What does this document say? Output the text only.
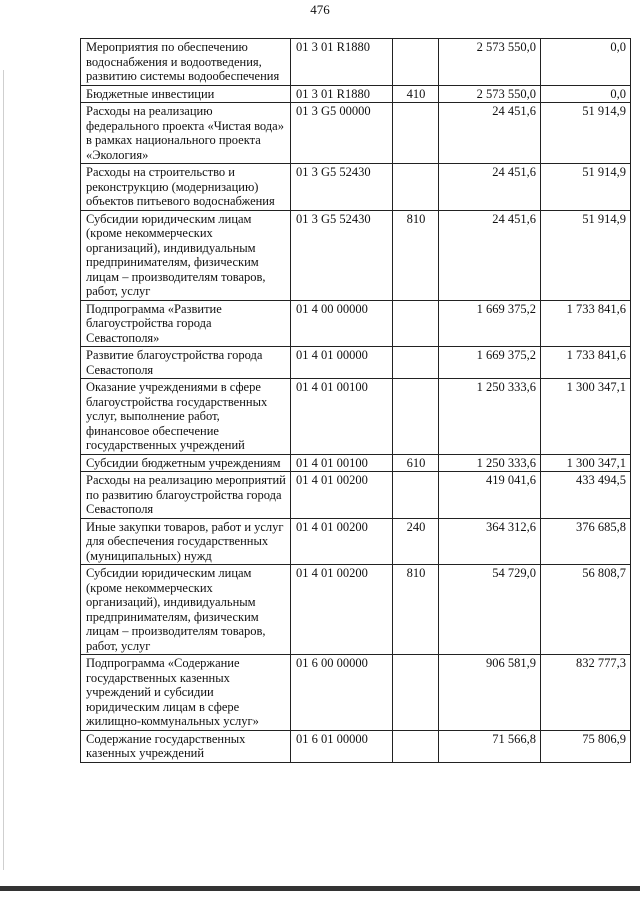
476
Мероприятия по обеспечению водоснабжения и водоотведения, развитию системы водообеспечения	01 3 01 R1880		2 573 550,0	0,0
Бюджетные инвестиции	01 3 01 R1880	410	2 573 550,0	0,0
Расходы на реализацию федерального проекта «Чистая вода» в рамках национального проекта «Экология»	01 3 G5 00000		24 451,6	51 914,9
Расходы на строительство и реконструкцию (модернизацию) объектов питьевого водоснабжения	01 3 G5 52430		24 451,6	51 914,9
Субсидии юридическим лицам (кроме некоммерческих организаций), индивидуальным предпринимателям, физическим лицам – производителям товаров, работ, услуг	01 3 G5 52430	810	24 451,6	51 914,9
Подпрограмма «Развитие благоустройства города Севастополя»	01 4 00 00000		1 669 375,2	1 733 841,6
Развитие благоустройства города Севастополя	01 4 01 00000		1 669 375,2	1 733 841,6
Оказание учреждениями в сфере благоустройства государственных услуг, выполнение работ, финансовое обеспечение государственных учреждений	01 4 01 00100		1 250 333,6	1 300 347,1
Субсидии бюджетным учреждениям	01 4 01 00100	610	1 250 333,6	1 300 347,1
Расходы на реализацию мероприятий по развитию благоустройства города Севастополя	01 4 01 00200		419 041,6	433 494,5
Иные закупки товаров, работ и услуг для обеспечения государственных (муниципальных) нужд	01 4 01 00200	240	364 312,6	376 685,8
Субсидии юридическим лицам (кроме некоммерческих организаций), индивидуальным предпринимателям, физическим лицам – производителям товаров, работ, услуг	01 4 01 00200	810	54 729,0	56 808,7
Подпрограмма «Содержание государственных казенных учреждений и субсидии юридическим лицам в сфере жилищно-коммунальных услуг»	01 6 00 00000		906 581,9	832 777,3
Содержание государственных казенных учреждений	01 6 01 00000		71 566,8	75 806,9
